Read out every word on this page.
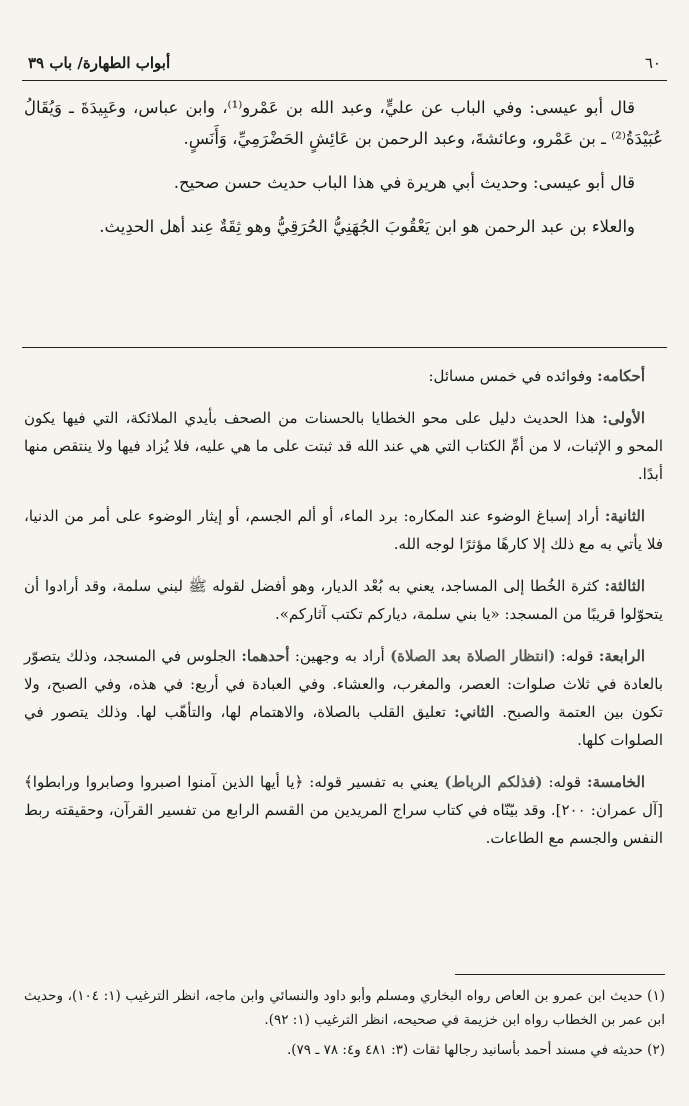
٦٠
أبواب الطهارة/ باب ٣٩

قال أبو عيسى: وفي الباب عن عليٍّ، وعبد الله بن عَمْرو⁽¹⁾، وابن عباس، وعَبِيدَةَ ـ وَيُقَالُ عُبَيْدَةُ⁽²⁾ ـ بن عَمْرو، وعائشةَ، وعبد الرحمن بن عَائِشٍ الحَضْرَمِيِّ، وَأَنَسٍ.

قال أبو عيسى: وحديث أبي هريرة في هذا الباب حديث حسن صحيح.

والعلاء بن عبد الرحمن هو ابن يَعْقُوبَ الجُهَنِيُّ الحُرَقِيُّ وهو ثِقَةٌ عِند أهل الحدِيث.

أحكامه: وفوائده في خمس مسائل:

الأولى: هذا الحديث دليل على محو الخطايا بالحسنات من الصحف بأيدي الملائكة، التي فيها يكون المحو و الإثبات، لا من أمِّ الكتاب التي هي عند الله قد ثبتت على ما هي عليه، فلا يُزاد فيها ولا ينتقص منها أبدًا.

الثانية: أراد إسباغ الوضوء عند المكاره: برد الماء، أو ألم الجسم، أو إيثار الوضوء على أمر من الدنيا، فلا يأتي به مع ذلك إلا كارهًا مؤثرًا لوجه الله.

الثالثة: كثرة الخُطا إلى المساجد، يعني به بُعْد الديار، وهو أفضل لقوله ﷺ لبني سلمة، وقد أرادوا أن يتحوّلوا قريبًا من المسجد: «يا بني سلمة، دياركم تكتب آثاركم».

الرابعة: قوله: (انتظار الصلاة بعد الصلاة) أراد به وجهين: أحدهما: الجلوس في المسجد، وذلك يتصوّر بالعادة في ثلاث صلوات: العصر، والمغرب، والعشاء. وفي العبادة في أربع: في هذه، وفي الصبح، ولا تكون بين العتمة والصبح. الثاني: تعليق القلب بالصلاة، والاهتمام لها، والتأهّب لها. وذلك يتصور في الصلوات كلها.

الخامسة: قوله: (فذلكم الرباط) يعني به تفسير قوله: ﴿يا أيها الذين آمنوا اصبروا وصابروا ورابطوا﴾ [آل عمران: ٢٠٠]. وقد بيّنّاه في كتاب سراج المريدين من القسم الرابع من تفسير القرآن، وحقيقته ربط النفس والجسم مع الطاعات.

(١) حديث ابن عمرو بن العاص رواه البخاري ومسلم وأبو داود والنسائي وابن ماجه، انظر الترغيب (١: ١٠٤)، وحديث ابن عمر بن الخطاب رواه ابن خزيمة في صحيحه، انظر الترغيب (١: ٩٢).

(٢) حديثه في مسند أحمد بأسانيد رجالها ثقات (٣: ٤٨١ و٤: ٧٨ ـ ٧٩).
